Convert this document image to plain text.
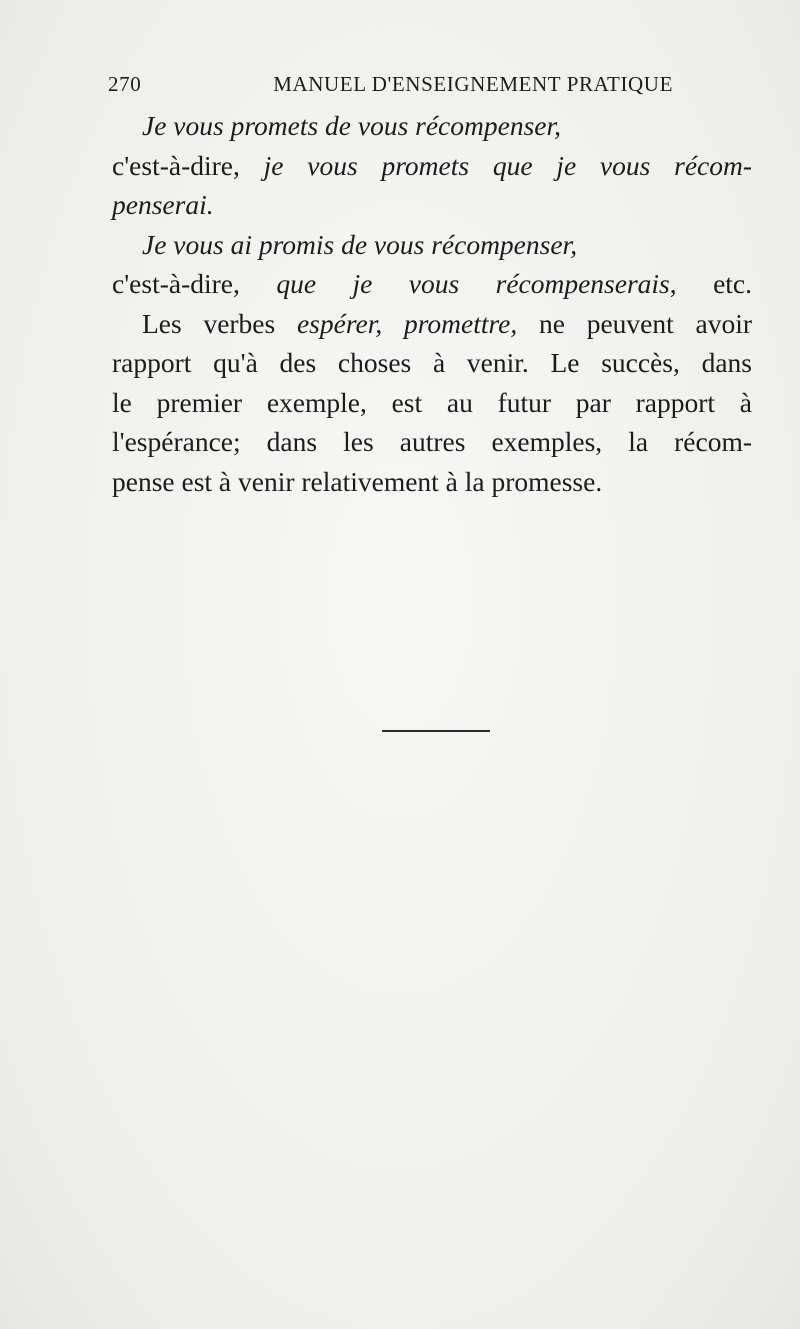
270	MANUEL D'ENSEIGNEMENT PRATIQUE
Je vous promets de vous récompenser,
c'est-à-dire, je vous promets que je vous récom-
penserai.
Je vous ai promis de vous récompenser,
c'est-à-dire, que je vous récompenserais, etc.
Les verbes espérer, promettre, ne peuvent avoir
rapport qu'à des choses à venir. Le succès, dans
le premier exemple, est au futur par rapport à
l'espérance; dans les autres exemples, la récom-
pense est à venir relativement à la promesse.
